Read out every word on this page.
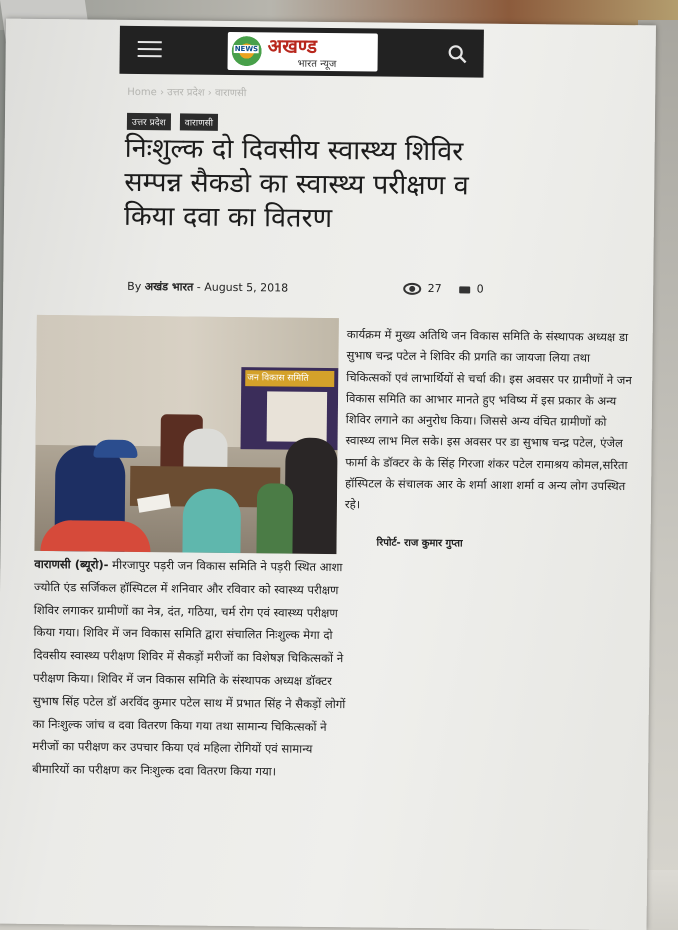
NEWS अखण्ड
भारत न्यूज
Home › उत्तर प्रदेश › वाराणसी
उत्तर प्रदेश वाराणसी
निःशुल्क दो दिवसीय स्वास्थ्य शिविर सम्पन्न सैकडो का स्वास्थ्य परीक्षण व किया दवा का वितरण
By अखंड भारत - August 5, 2018	27	0
जन विकास समिति

कार्यक्रम में मुख्य अतिथि जन विकास समिति के संस्थापक अध्यक्ष डा सुभाष चन्द्र पटेल ने शिविर की प्रगति का जायजा लिया तथा चिकित्सकों एवं लाभार्थियों से चर्चा की। इस अवसर पर ग्रामीणों ने जन विकास समिति का आभार मानते हुए भविष्य में इस प्रकार के अन्य शिविर लगाने का अनुरोध किया। जिससे अन्य वंचित ग्रामीणों को स्वास्थ्य लाभ मिल सके। इस अवसर पर डा सुभाष चन्द्र पटेल, एंजेल फार्मा के डॉक्टर के के सिंह गिरजा शंकर पटेल रामाश्रय कोमल,सरिता हॉस्पिटल के संचालक आर के शर्मा आशा शर्मा व अन्य लोग उपस्थित रहे।

रिपोर्ट- राज कुमार गुप्ता

वाराणसी (ब्यूरो)- मीरजापुर पड़री जन विकास समिति ने पड़री स्थित आशा ज्योति एंड सर्जिकल हॉस्पिटल में शनिवार और रविवार को स्वास्थ्य परीक्षण शिविर लगाकर ग्रामीणों का नेत्र, दंत, गठिया, चर्म रोग एवं स्वास्थ्य परीक्षण किया गया। शिविर में जन विकास समिति द्वारा संचालित निःशुल्क मेगा दो दिवसीय स्वास्थ्य परीक्षण शिविर में सैकड़ों मरीजों का विशेषज्ञ चिकित्सकों ने परीक्षण किया। शिविर में जन विकास समिति के संस्थापक अध्यक्ष डॉक्टर सुभाष सिंह पटेल डॉ अरविंद कुमार पटेल साथ में प्रभात सिंह ने सैकड़ों लोगों का निःशुल्क जांच व दवा वितरण किया गया तथा सामान्य चिकित्सकों ने मरीजों का परीक्षण कर उपचार किया एवं महिला रोगियों एवं सामान्य बीमारियों का परीक्षण कर निःशुल्क दवा वितरण किया गया।
